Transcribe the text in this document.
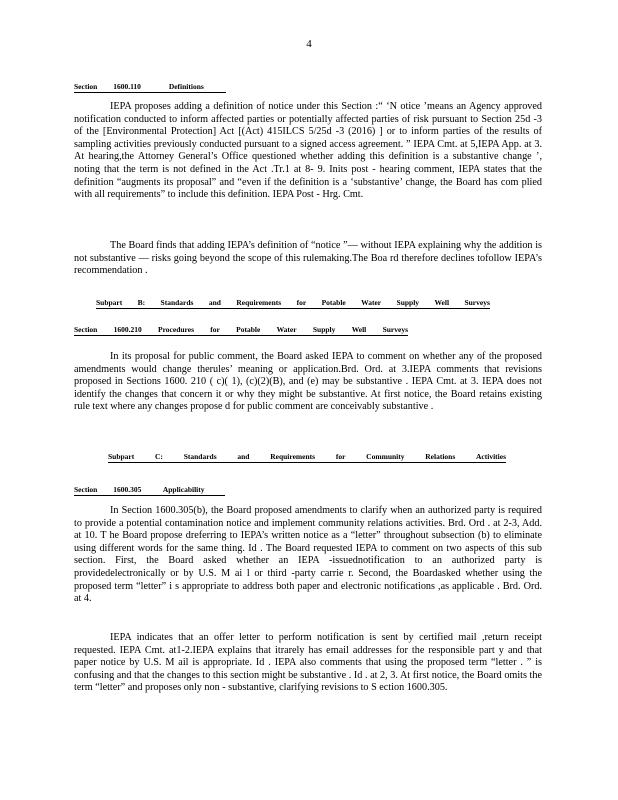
4
Section 1600.110	Definitions

IEPA proposes adding a definition of notice under this Section :“ ‘N otice ’means an Agency approved notification conducted to inform affected parties or potentially affected parties of risk pursuant to Section 25d -3 of the [Environmental Protection] Act [(Act) 415ILCS 5/25d -3 (2016) ] or to inform parties of the results of sampling activities previously conducted pursuant to a signed access agreement. ” IEPA Cmt. at 5,IEPA App. at 3. At hearing,the Attorney General’s Office questioned whether adding this definition is a substantive change ’, noting that the term is not defined in the Act .Tr.1 at 8- 9. Inits post - hearing comment, IEPA states that the definition “augments its proposal” and “even if the definition is a ‘substantive’ change, the Board has com plied with all requirements” to include this definition. IEPA Post - Hrg. Cmt.

The Board finds that adding IEPA’s definition of “notice ”— without IEPA explaining why the addition is not substantive — risks going beyond the scope of this rulemaking.The Boa rd therefore declines tofollow IEPA’s recommendation .

Subpart B: Standards and Requirements for Potable Water Supply Well Surveys
Section 1600.210 Procedures for Potable Water Supply Well Surveys

In its proposal for public comment, the Board asked IEPA to comment on whether any of the proposed amendments would change therules’ meaning or application.Brd. Ord. at 3.IEPA comments that revisions proposed in Sections 1600. 210 ( c)( 1), (c)(2)(B), and (e) may be substantive . IEPA Cmt. at 3. IEPA does not identify the changes that concern it or why they might be substantive. At first notice, the Board retains existing rule text where any changes propose d for public comment are conceivably substantive .

Subpart	C:	Standards	and	Requirements	for	Community	Relations	Activities
Section 1600.305	Applicability

In Section 1600.305(b), the Board proposed amendments to clarify when an authorized party is required to provide a potential contamination notice and implement community relations activities. Brd. Ord . at 2-3, Add. at 10. T he Board propose dreferring to IEPA’s written notice as a “letter” throughout subsection (b) to eliminate using different words for the same thing. Id . The Board requested IEPA to comment on two aspects of this sub section. First, the Board asked whether an IEPA -issuednotification to an authorized party is providedelectronically or by U.S. M ai l or third -party carrie r. Second, the Boardasked whether using the proposed term “letter” i s appropriate to address both paper and electronic notifications ,as applicable . Brd. Ord. at 4.

IEPA indicates that an offer letter to perform notification is sent by certified mail ,return receipt requested. IEPA Cmt. at1-2.IEPA explains that itrarely has email addresses for the responsible part y and that paper notice by U.S. M ail is appropriate. Id . IEPA also comments that using the proposed term “letter . ” is confusing and that the changes to this section might be substantive . Id . at 2, 3. At first notice, the Board omits the term “letter” and proposes only non - substantive, clarifying revisions to S ection 1600.305.
